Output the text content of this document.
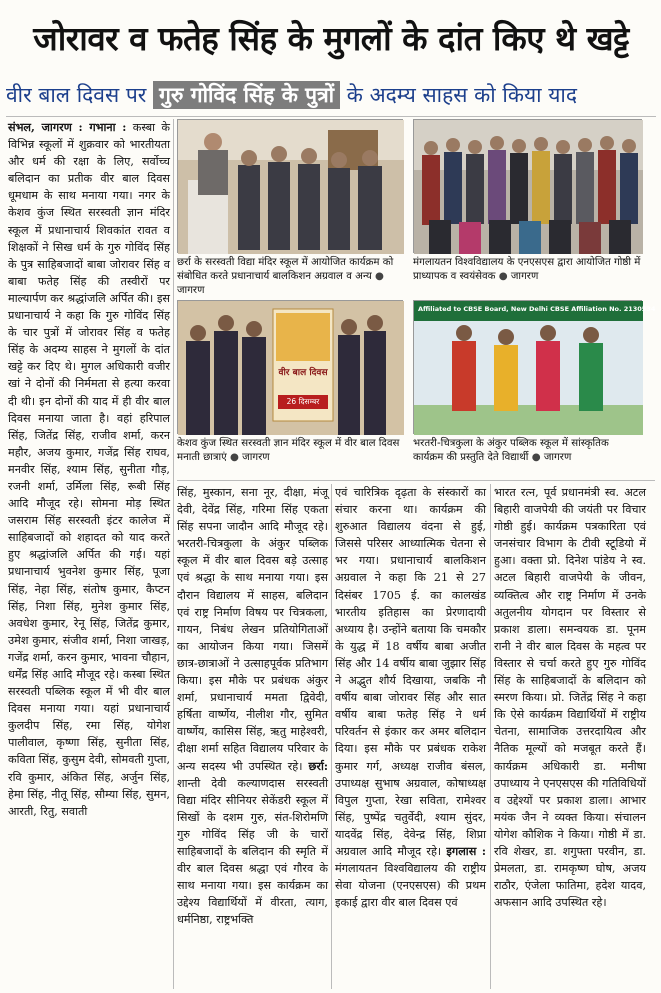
जोरावर व फतेह सिंह के मुगलों के दांत किए थे खट्टे
वीर बाल दिवस पर गुरु गोविंद सिंह के पुत्रों के अदम्य साहस को किया याद
संभल, जागरण : गभाना : कस्बा के विभिन्न स्कूलों में शुक्रवार को भारतीयता और धर्म की रक्षा के लिए, सर्वोच्च बलिदान का प्रतीक वीर बाल दिवस धूमधाम के साथ मनाया गया। नगर के केशव कुंज स्थित सरस्वती ज्ञान मंदिर स्कूल में प्रधानाचार्य शिवकांत रावत व शिक्षकों ने सिख धर्म के गुरु गोविंद सिंह के पुत्र साहिबजादों बाबा जोरावर सिंह व बाबा फतेह सिंह की तस्वीरों पर माल्यार्पण कर श्रद्धांजलि अर्पित की। इस प्रधानाचार्य ने कहा कि गुरु गोविंद सिंह के चार पुत्रों में जोरावर सिंह व फतेह सिंह के अदम्य साहस ने मुगलों के दांत खट्टे कर दिए थे। मुगल अधिकारी वजीर खां ने दोनों की निर्ममता से हत्या करवा दी थी। इन दोनों की याद में ही वीर बाल दिवस मनाया जाता है। वहां हरिपाल सिंह, जितेंद्र सिंह, राजीव शर्मा, करन महौर, अजय कुमार, गजेंद्र सिंह राघव, मनवीर सिंह, श्याम सिंह, सुनीता गौड़, रजनी शर्मा, उर्मिला सिंह, रूबी सिंह आदि मौजूद रहे। सोमना मोड़ स्थित जसराम सिंह सरस्वती इंटर कालेज में साहिबजादों को शहादत को याद करते हुए श्रद्धांजलि अर्पित की गई। यहां प्रधानाचार्य भुवनेश कुमार सिंह, पूजा सिंह, नेहा सिंह, संतोष कुमार, कैप्टन सिंह, निशा सिंह, मुनेश कुमार सिंह, अवधेश कुमार, रेनू सिंह, जितेंद्र कुमार, उमेश कुमार, संजीव शर्मा, निशा जाखड़, गजेंद्र शर्मा, करन कुमार, भावना चौहान, धर्मेंद्र सिंह आदि मौजूद रहे। कस्बा स्थित सरस्वती पब्लिक स्कूल में भी वीर बाल दिवस मनाया गया। यहां प्रधानाचार्य कुलदीप सिंह, रमा सिंह, योगेश पालीवाल, कृष्णा सिंह, सुनीता सिंह, कविता सिंह, कुसुम देवी, सोमवती गुप्ता, रवि कुमार, अंकित सिंह, अर्जुन सिंह, हेमा सिंह, नीतू सिंह, सौम्या सिंह, सुमन, आरती, रितु, सवाती
छर्रा के सरस्वती विद्या मंदिर स्कूल में आयोजित कार्यक्रम को संबोधित करते प्रधानाचार्य बालकिशन अग्रवाल व अन्य ● जागरण
मंगलायतन विश्वविद्यालय के एनएसएस द्वारा आयोजित गोष्ठी में प्राध्यापक व स्वयंसेवक ● जागरण
वीर बाल दिवस
26 दिसम्बर
केशव कुंज स्थित सरस्वती ज्ञान मंदिर स्कूल में वीर बाल दिवस मनाती छात्राएं ● जागरण
Affiliated to CBSE Board, New Delhi CBSE Affiliation No. 2130534
भरतरी-चित्रकुला के अंकुर पब्लिक स्कूल में सांस्कृतिक कार्यक्रम की प्रस्तुति देते विद्यार्थी ● जागरण
सिंह, मुस्कान, सना नूर, दीक्षा, मंजू देवी, देवेंद्र सिंह, गरिमा सिंह एकता सिंह सपना जादौन आदि मौजूद रहे। भरतरी-चित्रकुला के अंकुर पब्लिक स्कूल में वीर बाल दिवस बड़े उत्साह एवं श्रद्धा के साथ मनाया गया। इस दौरान विद्यालय में साहस, बलिदान एवं राष्ट्र निर्माण विषय पर चित्रकला, गायन, निबंध लेखन प्रतियोगिताओं का आयोजन किया गया। जिसमें छात्र-छात्राओं ने उत्साहपूर्वक प्रतिभाग किया। इस मौके पर प्रबंधक अंकुर शर्मा, प्रधानाचार्य ममता द्विवेदी, हर्षिता वार्ष्णेय, नीलीश गौर, सुमित वार्ष्णेय, कासिस सिंह, ऋतु माहेश्वरी, दीक्षा शर्मा सहित विद्यालय परिवार के अन्य सदस्य भी उपस्थित रहे। छर्रा: शान्ती देवी कल्याणदास सरस्वती विद्या मंदिर सीनियर सेकेंडरी स्कूल में सिखों के दशम गुरु, संत-शिरोमणि गुरु गोविंद सिंह जी के चारों साहिबजादों के बलिदान की स्मृति में वीर बाल दिवस श्रद्धा एवं गौरव के साथ मनाया गया। इस कार्यक्रम का उद्देश्य विद्यार्थियों में वीरता, त्याग, धर्मनिष्ठा, राष्ट्रभक्ति
एवं चारित्रिक दृढ़ता के संस्कारों का संचार करना था। कार्यक्रम की शुरुआत विद्यालय वंदना से हुई, जिससे परिसर आध्यात्मिक चेतना से भर गया। प्रधानाचार्य बालकिशन अग्रवाल ने कहा कि 21 से 27 दिसंबर 1705 ई. का कालखंड भारतीय इतिहास का प्रेरणादायी अध्याय है। उन्होंने बताया कि चमकौर के युद्ध में 18 वर्षीय बाबा अजीत सिंह और 14 वर्षीय बाबा जुझार सिंह ने अद्भुत शौर्य दिखाया, जबकि नौ वर्षीय बाबा जोरावर सिंह और सात वर्षीय बाबा फतेह सिंह ने धर्म परिवर्तन से इंकार कर अमर बलिदान दिया। इस मौके पर प्रबंधक राकेश कुमार गर्ग, अध्यक्ष राजीव बंसल, उपाध्यक्ष सुभाष अग्रवाल, कोषाध्यक्ष विपुल गुप्ता, रेखा सविता, रामेश्वर सिंह, पुष्पेंद्र चतुर्वेदी, श्याम सुंदर, यादवेंद्र सिंह, देवेन्द्र सिंह, शिप्रा अग्रवाल आदि मौजूद रहे। इगलास : मंगलायतन विश्वविद्यालय की राष्ट्रीय सेवा योजना (एनएसएस) की प्रथम इकाई द्वारा वीर बाल दिवस एवं
भारत रत्न, पूर्व प्रधानमंत्री स्व. अटल बिहारी वाजपेयी की जयंती पर विचार गोष्ठी हुई। कार्यक्रम पत्रकारिता एवं जनसंचार विभाग के टीवी स्टूडियो में हुआ। वक्ता प्रो. दिनेश पांडेय ने स्व. अटल बिहारी वाजपेयी के जीवन, व्यक्तित्व और राष्ट्र निर्माण में उनके अतुलनीय योगदान पर विस्तार से प्रकाश डाला। समन्वयक डा. पूनम रानी ने वीर बाल दिवस के महत्व पर विस्तार से चर्चा करते हुए गुरु गोविंद सिंह के साहिबजादों के बलिदान को स्मरण किया। प्रो. जितेंद्र सिंह ने कहा कि ऐसे कार्यक्रम विद्यार्थियों में राष्ट्रीय चेतना, सामाजिक उत्तरदायित्व और नैतिक मूल्यों को मजबूत करते हैं। कार्यक्रम अधिकारी डा. मनीषा उपाध्याय ने एनएसएस की गतिविधियों व उद्देश्यों पर प्रकाश डाला। आभार मयंक जैन ने व्यक्त किया। संचालन योगेश कौशिक ने किया। गोष्ठी में डा. रवि शेखर, डा. शगुफ्ता परवीन, डा. प्रेमलता, डा. रामकृष्ण घोष, अजय राठौर, एंजेला फातिमा, हदेश यादव, अफसान आदि उपस्थित रहे।
